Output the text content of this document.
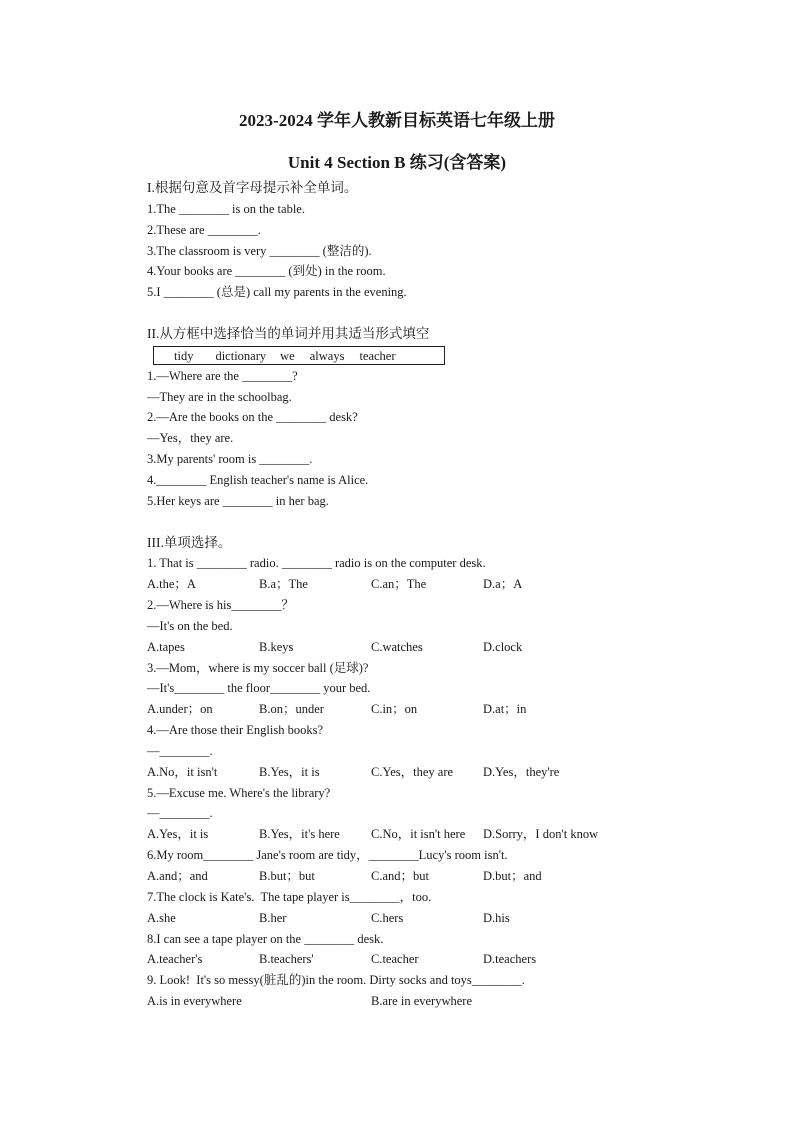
2023-2024 学年人教新目标英语七年级上册
Unit 4 Section B 练习(含答案)
I.根据句意及首字母提示补全单词。
1.The ________ is on the table.
2.These are ________.
3.The classroom is very ________ (整洁的).
4.Your books are ________ (到处) in the room.
5.I ________ (总是) call my parents in the evening.
II.从方框中选择恰当的单词并用其适当形式填空
tidy dictionary we always teacher
1.—Where are the ________?
—They are in the schoolbag.
2.—Are the books on the ________ desk?
—Yes，they are.
3.My parents' room is ________.
4.________ English teacher's name is Alice.
5.Her keys are ________ in her bag.
III.单项选择。
1. That is ________ radio. ________ radio is on the computer desk.
A.the；A	B.a；The	C.an；The	D.a；A
2.—Where is his________？
—It's on the bed.
A.tapes	B.keys	C.watches	D.clock
3.—Mom，where is my soccer ball (足球)?
—It's________ the floor________ your bed.
A.under；on	B.on；under	C.in；on	D.at；in
4.—Are those their English books?
—________.
A.No，it isn't	B.Yes，it is	C.Yes，they are	D.Yes，they're
5.—Excuse me. Where's the library?
—________.
A.Yes，it is	B.Yes，it's here	C.No，it isn't here	D.Sorry，I don't know
6.My room________ Jane's room are tidy，________Lucy's room isn't.
A.and；and	B.but；but	C.and；but	D.but；and
7.The clock is Kate's.  The tape player is________，too.
A.she	B.her	C.hers	D.his
8.I can see a tape player on the ________ desk.
A.teacher's	B.teachers'	C.teacher	D.teachers
9. Look!  It's so messy(脏乱的)in the room. Dirty socks and toys________.
A.is in everywhere	B.are in everywhere
